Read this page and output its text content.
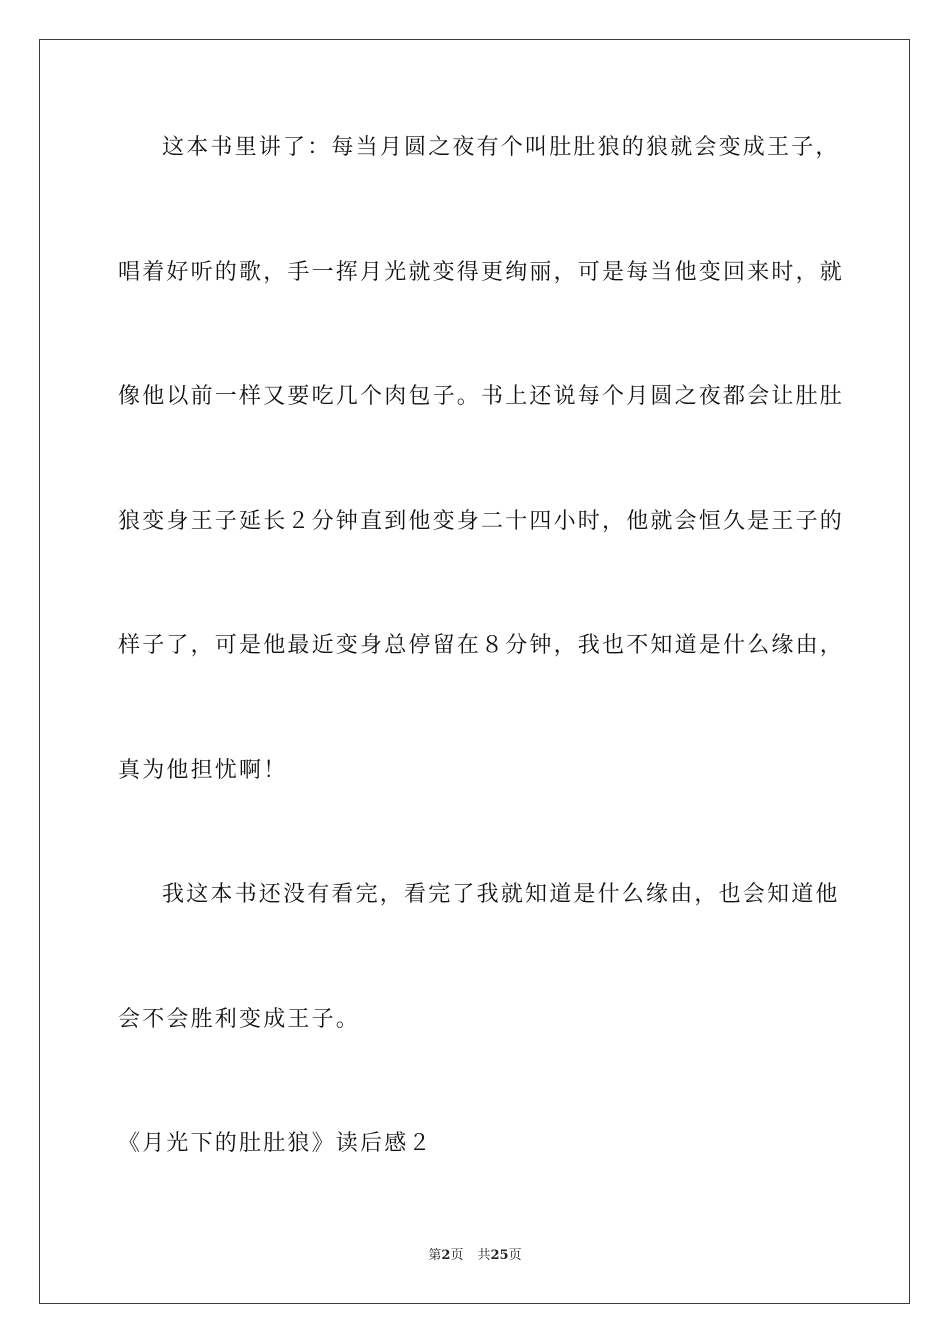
这本书里讲了：每当月圆之夜有个叫肚肚狼的狼就会变成王子，
唱着好听的歌，手一挥月光就变得更绚丽，可是每当他变回来时，就
像他以前一样又要吃几个肉包子。书上还说每个月圆之夜都会让肚肚
狼变身王子延长２分钟直到他变身二十四小时，他就会恒久是王子的
样子了，可是他最近变身总停留在８分钟，我也不知道是什么缘由，
真为他担忧啊！
我这本书还没有看完，看完了我就知道是什么缘由，也会知道他
会不会胜利变成王子。
《月光下的肚肚狼》读后感２
第2页 共25页
